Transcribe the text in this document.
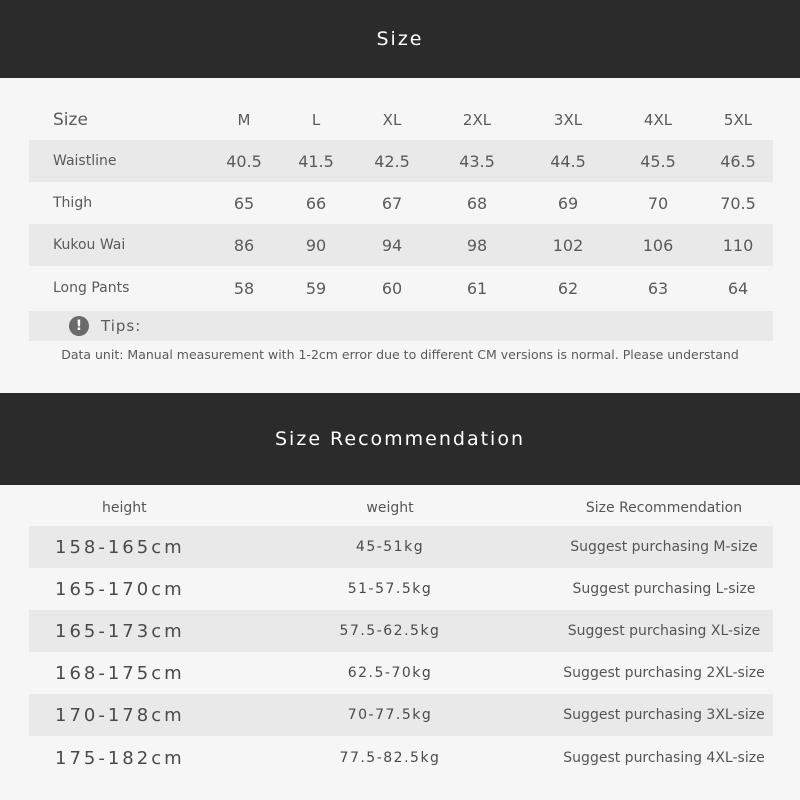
Size
Size	M	L	XL	2XL	3XL	4XL	5XL
Waistline	40.5	41.5	42.5	43.5	44.5	45.5	46.5
Thigh	65	66	67	68	69	70	70.5
Kukou Wai	86	90	94	98	102	106	110
Long Pants	58	59	60	61	62	63	64
!	Tips:
Data unit: Manual measurement with 1-2cm error due to different CM versions is normal. Please understand
Size Recommendation
height	weight	Size Recommendation
158-165cm	45-51kg	Suggest purchasing M-size
165-170cm	51-57.5kg	Suggest purchasing L-size
165-173cm	57.5-62.5kg	Suggest purchasing XL-size
168-175cm	62.5-70kg	Suggest purchasing 2XL-size
170-178cm	70-77.5kg	Suggest purchasing 3XL-size
175-182cm	77.5-82.5kg	Suggest purchasing 4XL-size
